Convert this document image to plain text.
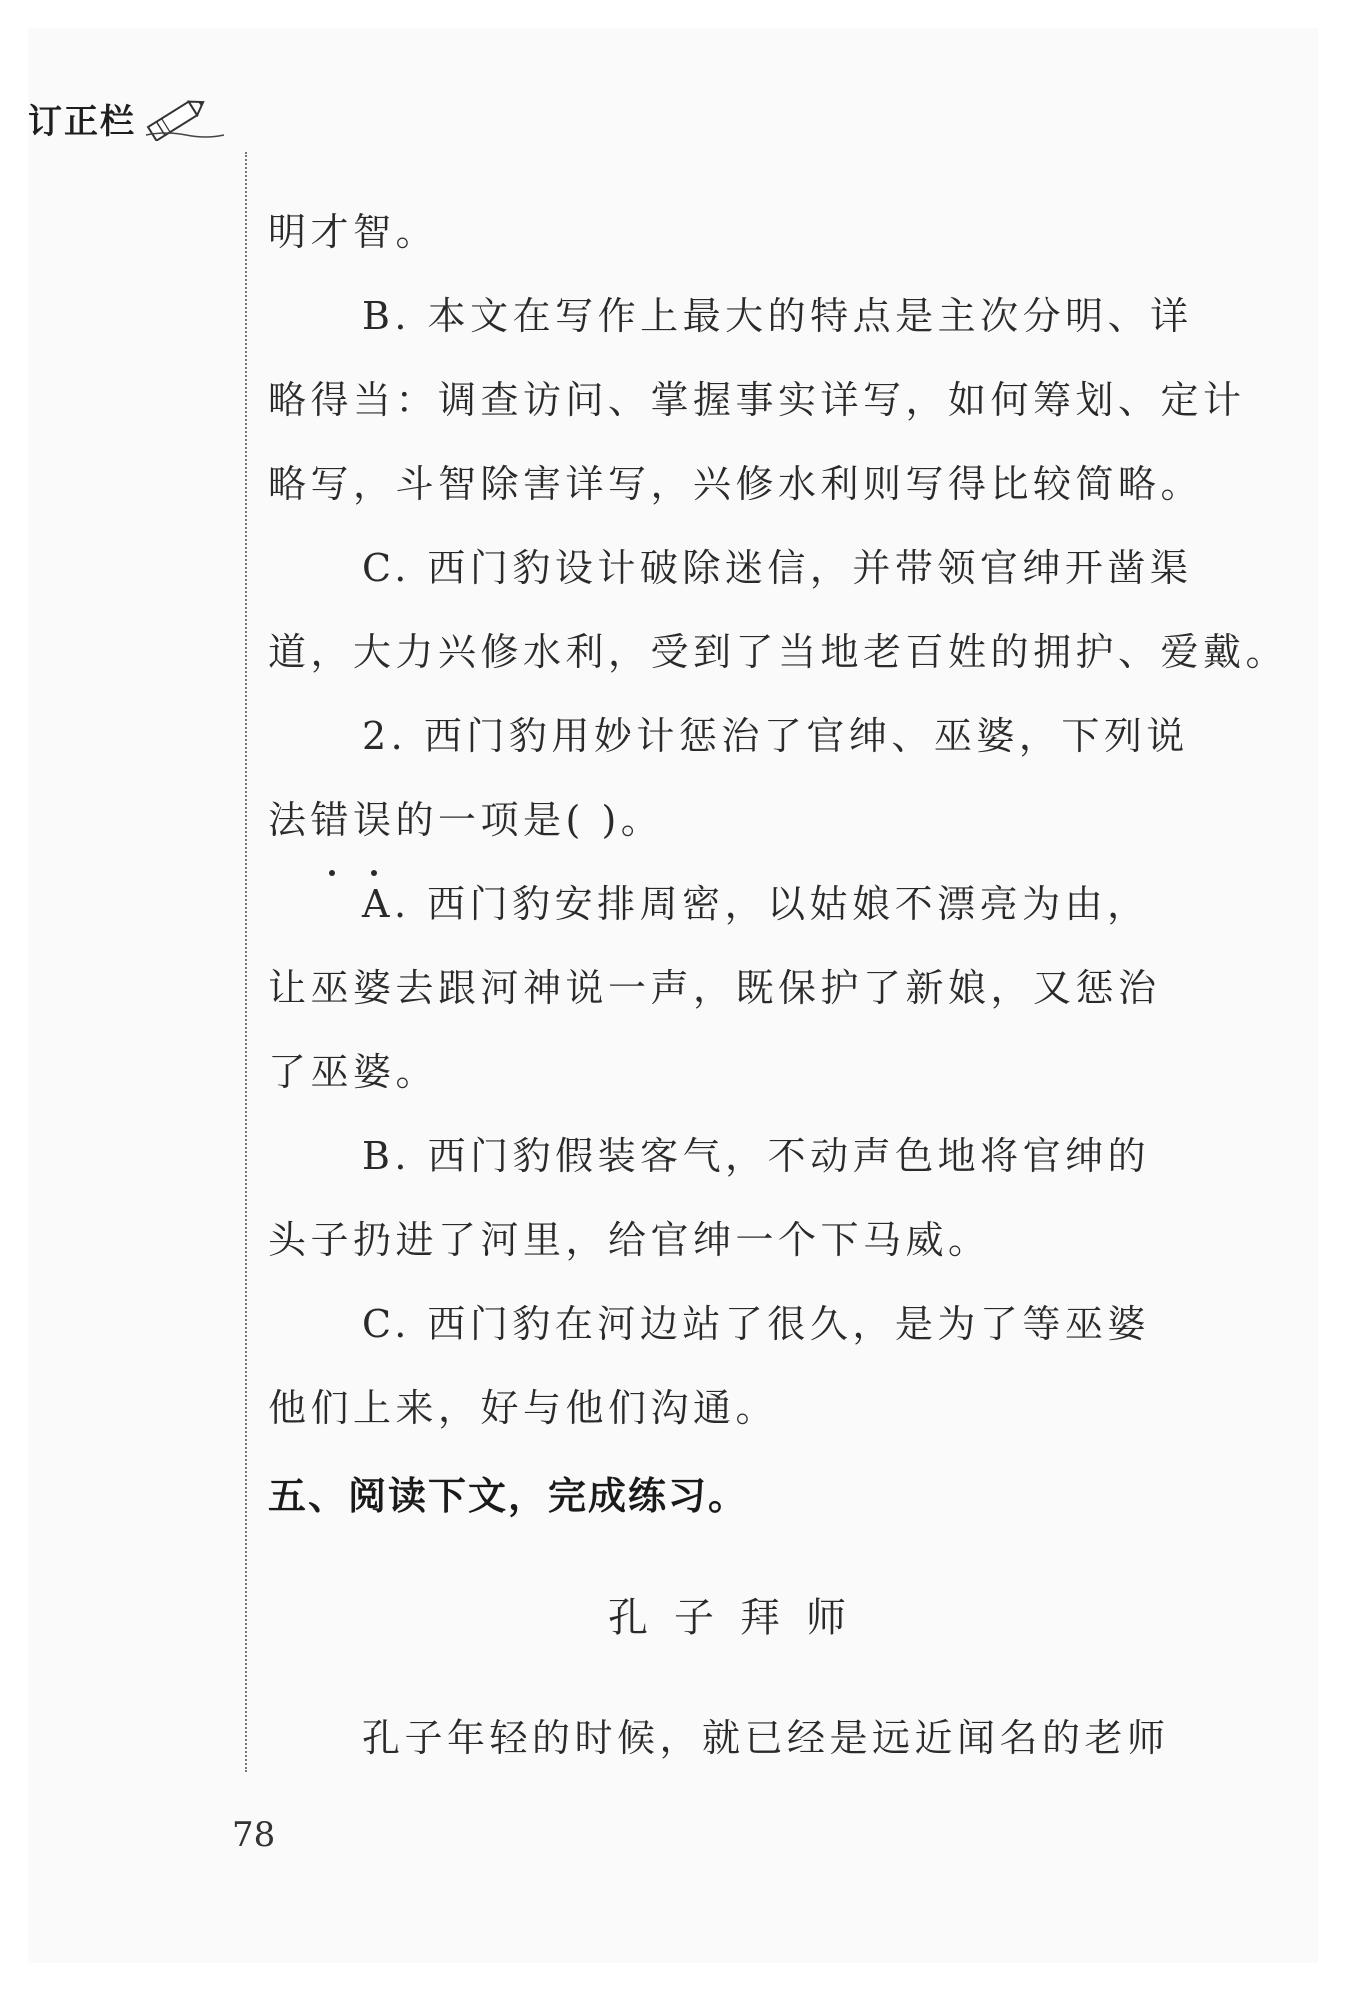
订正栏
明才智。
B. 本文在写作上最大的特点是主次分明、详
略得当：调查访问、掌握事实详写，如何筹划、定计
略写，斗智除害详写，兴修水利则写得比较简略。
C. 西门豹设计破除迷信，并带领官绅开凿渠
道，大力兴修水利，受到了当地老百姓的拥护、爱戴。
2. 西门豹用妙计惩治了官绅、巫婆，下列说
法错误的一项是( )。
A. 西门豹安排周密，以姑娘不漂亮为由，
让巫婆去跟河神说一声，既保护了新娘，又惩治
了巫婆。
B. 西门豹假装客气，不动声色地将官绅的
头子扔进了河里，给官绅一个下马威。
C. 西门豹在河边站了很久，是为了等巫婆
他们上来，好与他们沟通。
五、阅读下文，完成练习。
孔子拜师
孔子年轻的时候，就已经是远近闻名的老师
78
